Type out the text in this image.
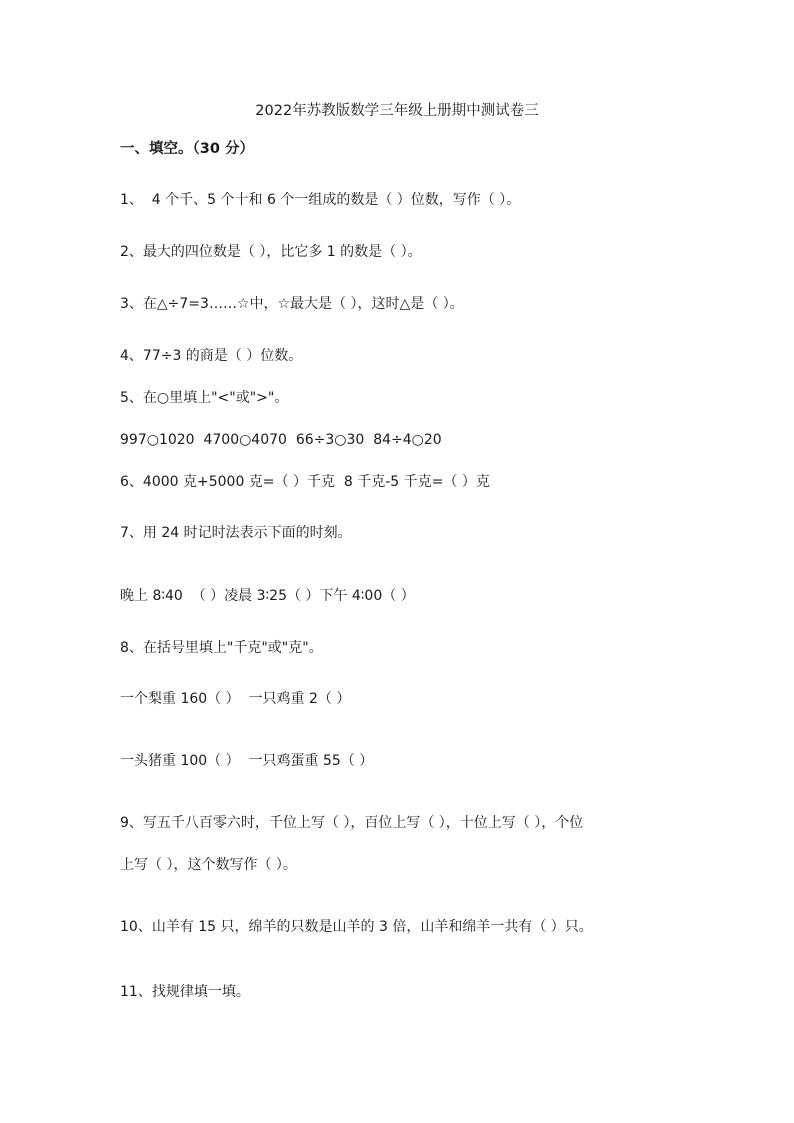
2022年苏教版数学三年级上册期中测试卷三
一、填空。（30 分）
1、  4 个千、5 个十和 6 个一组成的数是（ ）位数，写作（ ）。
2、最大的四位数是（ ），比它多 1 的数是（ ）。
3、在△÷7=3……☆中，☆最大是（ ），这时△是（ ）。
4、77÷3 的商是（ ）位数。
5、在○里填上"<"或">"。
997○1020  4700○4070  66÷3○30  84÷4○20
6、4000 克+5000 克=（ ）千克  8 千克-5 千克=（ ）克
7、用 24 时记时法表示下面的时刻。
晚上 8∶40  （ ）凌晨 3∶25（ ）下午 4∶00（ ）
8、在括号里填上"千克"或"克"。
一个梨重 160（ ）  一只鸡重 2（ ）
一头猪重 100（ ）  一只鸡蛋重 55（ ）
9、写五千八百零六时，千位上写（ ），百位上写（ ），十位上写（ ），个位
上写（ ），这个数写作（ ）。
10、山羊有 15 只，绵羊的只数是山羊的 3 倍，山羊和绵羊一共有（ ）只。
11、找规律填一填。
